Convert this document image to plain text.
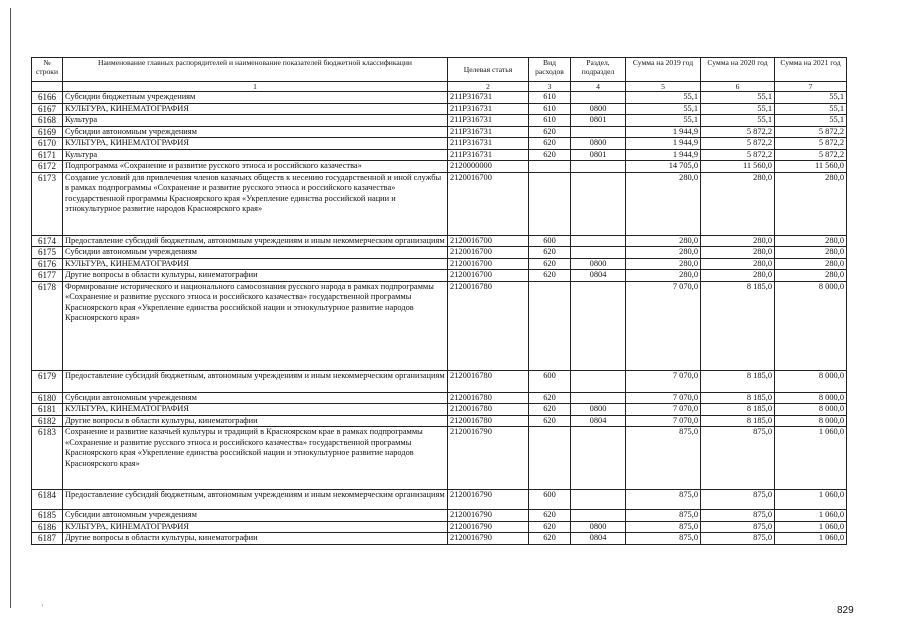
№ строки	Наименование главных распорядителей и наименование показателей бюджетной классификации	Целевая статья	Вид расходов	Раздел, подраздел	Сумма на 2019 год	Сумма на 2020 год	Сумма на 2021 год
	1	2	3	4	5	6	7
6166	Субсидии бюджетным учреждениям	211P316731	610		55,1	55,1	55,1
6167	КУЛЬТУРА, КИНЕМАТОГРАФИЯ	211P316731	610	0800	55,1	55,1	55,1
6168	Культура	211P316731	610	0801	55,1	55,1	55,1
6169	Субсидии автономным учреждениям	211P316731	620		1 944,9	5 872,2	5 872,2
6170	КУЛЬТУРА, КИНЕМАТОГРАФИЯ	211P316731	620	0800	1 944,9	5 872,2	5 872,2
6171	Культура	211P316731	620	0801	1 944,9	5 872,2	5 872,2
6172	Подпрограмма «Сохранение и развитие русского этноса и российского казачества»	2120000000			14 705,0	11 560,0	11 560,0
6173	Создание условий для привлечения членов казачьих обществ к несению государственной и иной службы в рамках подпрограммы «Сохранение и развитие русского этноса и российского казачества» государственной программы Красноярского края «Укрепление единства российской нации и этнокультурное развитие народов Красноярского края»	2120016700			280,0	280,0	280,0
6174	Предоставление субсидий бюджетным, автономным учреждениям и иным некоммерческим организациям	2120016700	600		280,0	280,0	280,0
6175	Субсидии автономным учреждениям	2120016700	620		280,0	280,0	280,0
6176	КУЛЬТУРА, КИНЕМАТОГРАФИЯ	2120016700	620	0800	280,0	280,0	280,0
6177	Другие вопросы в области культуры, кинематографии	2120016700	620	0804	280,0	280,0	280,0
6178	Формирование исторического и национального самосознания русского народа в рамках подпрограммы «Сохранение и развитие русского этноса и российского казачества» государственной программы Красноярского края «Укрепление единства российской нации и этнокультурное развитие народов Красноярского края»	2120016780			7 070,0	8 185,0	8 000,0
6179	Предоставление субсидий бюджетным, автономным учреждениям и иным некоммерческим организациям	2120016780	600		7 070,0	8 185,0	8 000,0
6180	Субсидии автономным учреждениям	2120016780	620		7 070,0	8 185,0	8 000,0
6181	КУЛЬТУРА, КИНЕМАТОГРАФИЯ	2120016780	620	0800	7 070,0	8 185,0	8 000,0
6182	Другие вопросы в области культуры, кинематографии	2120016780	620	0804	7 070,0	8 185,0	8 000,0
6183	Сохранение и развитие казачьей культуры и традиций в Красноярском крае в рамках подпрограммы «Сохранение и развитие русского этноса и российского казачества» государственной программы Красноярского края «Укрепление единства российской нации и этнокультурное развитие народов Красноярского края»	2120016790			875,0	875,0	1 060,0
6184	Предоставление субсидий бюджетным, автономным учреждениям и иным некоммерческим организациям	2120016790	600		875,0	875,0	1 060,0
6185	Субсидии автономным учреждениям	2120016790	620		875,0	875,0	1 060,0
6186	КУЛЬТУРА, КИНЕМАТОГРАФИЯ	2120016790	620	0800	875,0	875,0	1 060,0
6187	Другие вопросы в области культуры, кинематографии	2120016790	620	0804	875,0	875,0	1 060,0
'	829
